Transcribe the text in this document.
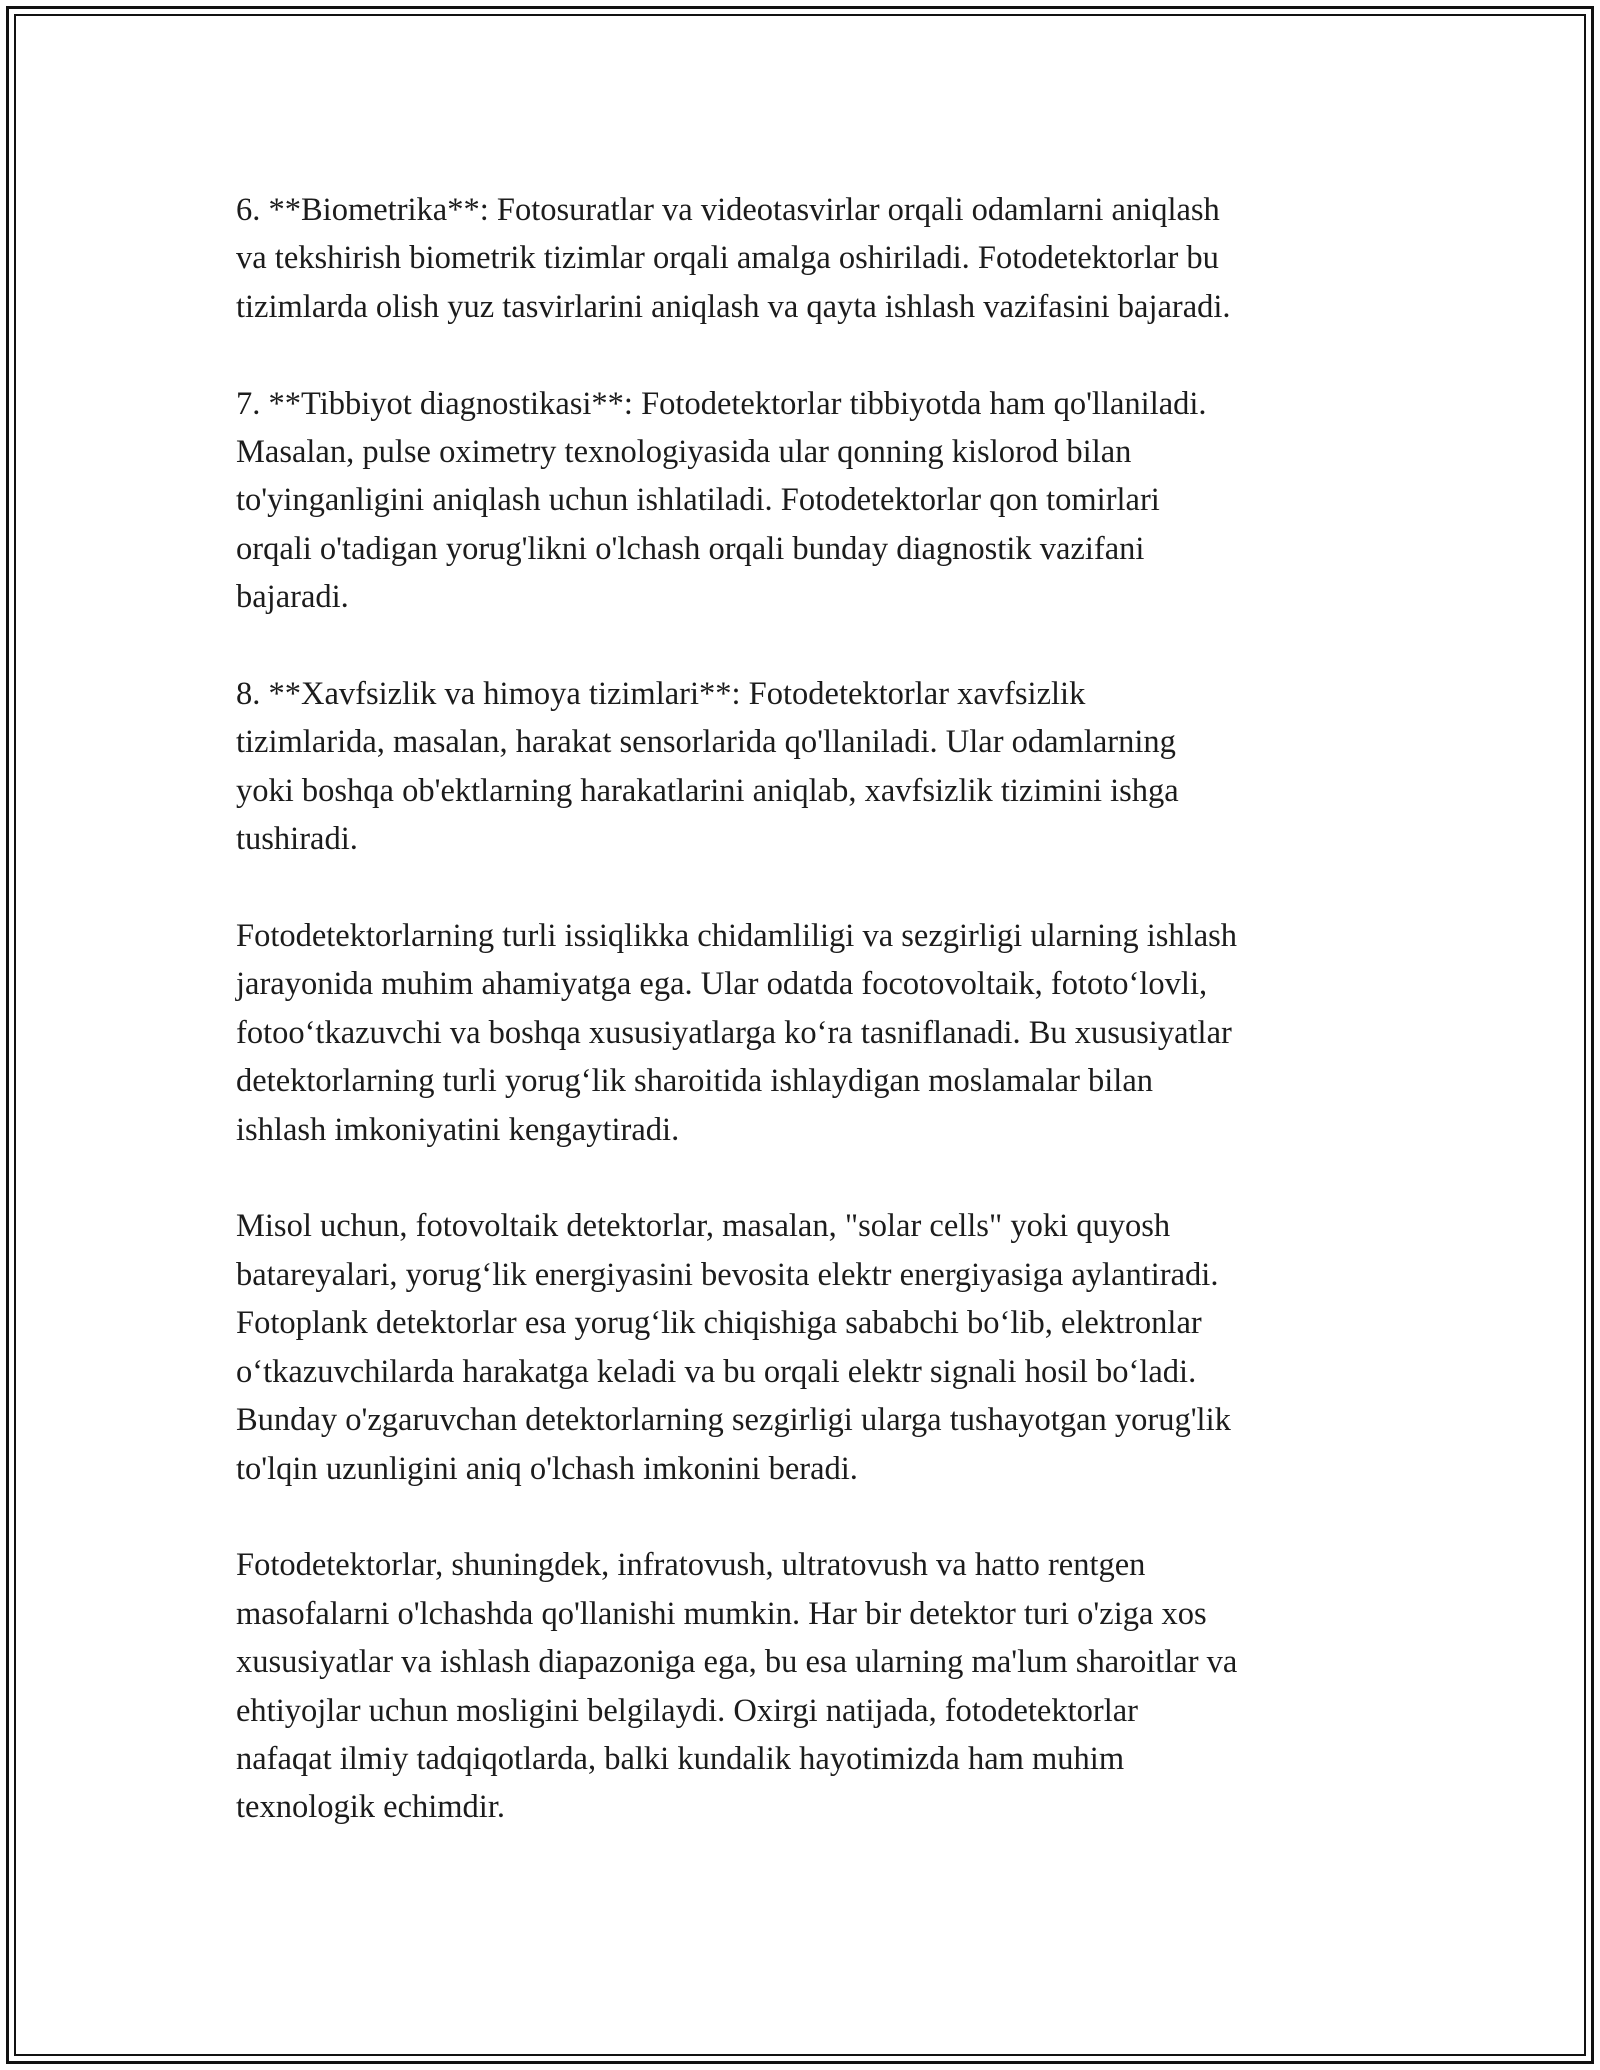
6. **Biometrika**: Fotosuratlar va videotasvirlar orqali odamlarni aniqlash
va tekshirish biometrik tizimlar orqali amalga oshiriladi. Fotodetektorlar bu
tizimlarda olish yuz tasvirlarini aniqlash va qayta ishlash vazifasini bajaradi.

7. **Tibbiyot diagnostikasi**: Fotodetektorlar tibbiyotda ham qo'llaniladi.
Masalan, pulse oximetry texnologiyasida ular qonning kislorod bilan
to'yinganligini aniqlash uchun ishlatiladi. Fotodetektorlar qon tomirlari
orqali o'tadigan yorug'likni o'lchash orqali bunday diagnostik vazifani
bajaradi.

8. **Xavfsizlik va himoya tizimlari**: Fotodetektorlar xavfsizlik
tizimlarida, masalan, harakat sensorlarida qo'llaniladi. Ular odamlarning
yoki boshqa ob'ektlarning harakatlarini aniqlab, xavfsizlik tizimini ishga
tushiradi.

Fotodetektorlarning turli issiqlikka chidamliligi va sezgirligi ularning ishlash
jarayonida muhim ahamiyatga ega. Ular odatda focotovoltaik, fototo‘lovli,
fotoo‘tkazuvchi va boshqa xususiyatlarga ko‘ra tasniflanadi. Bu xususiyatlar
detektorlarning turli yorug‘lik sharoitida ishlaydigan moslamalar bilan
ishlash imkoniyatini kengaytiradi.

Misol uchun, fotovoltaik detektorlar, masalan, "solar cells" yoki quyosh
batareyalari, yorug‘lik energiyasini bevosita elektr energiyasiga aylantiradi.
Fotoplank detektorlar esa yorug‘lik chiqishiga sababchi bo‘lib, elektronlar
o‘tkazuvchilarda harakatga keladi va bu orqali elektr signali hosil bo‘ladi.
Bunday o'zgaruvchan detektorlarning sezgirligi ularga tushayotgan yorug'lik
to'lqin uzunligini aniq o'lchash imkonini beradi.

Fotodetektorlar, shuningdek, infratovush, ultratovush va hatto rentgen
masofalarni o'lchashda qo'llanishi mumkin. Har bir detektor turi o'ziga xos
xususiyatlar va ishlash diapazoniga ega, bu esa ularning ma'lum sharoitlar va
ehtiyojlar uchun mosligini belgilaydi. Oxirgi natijada, fotodetektorlar
nafaqat ilmiy tadqiqotlarda, balki kundalik hayotimizda ham muhim
texnologik echimdir.
